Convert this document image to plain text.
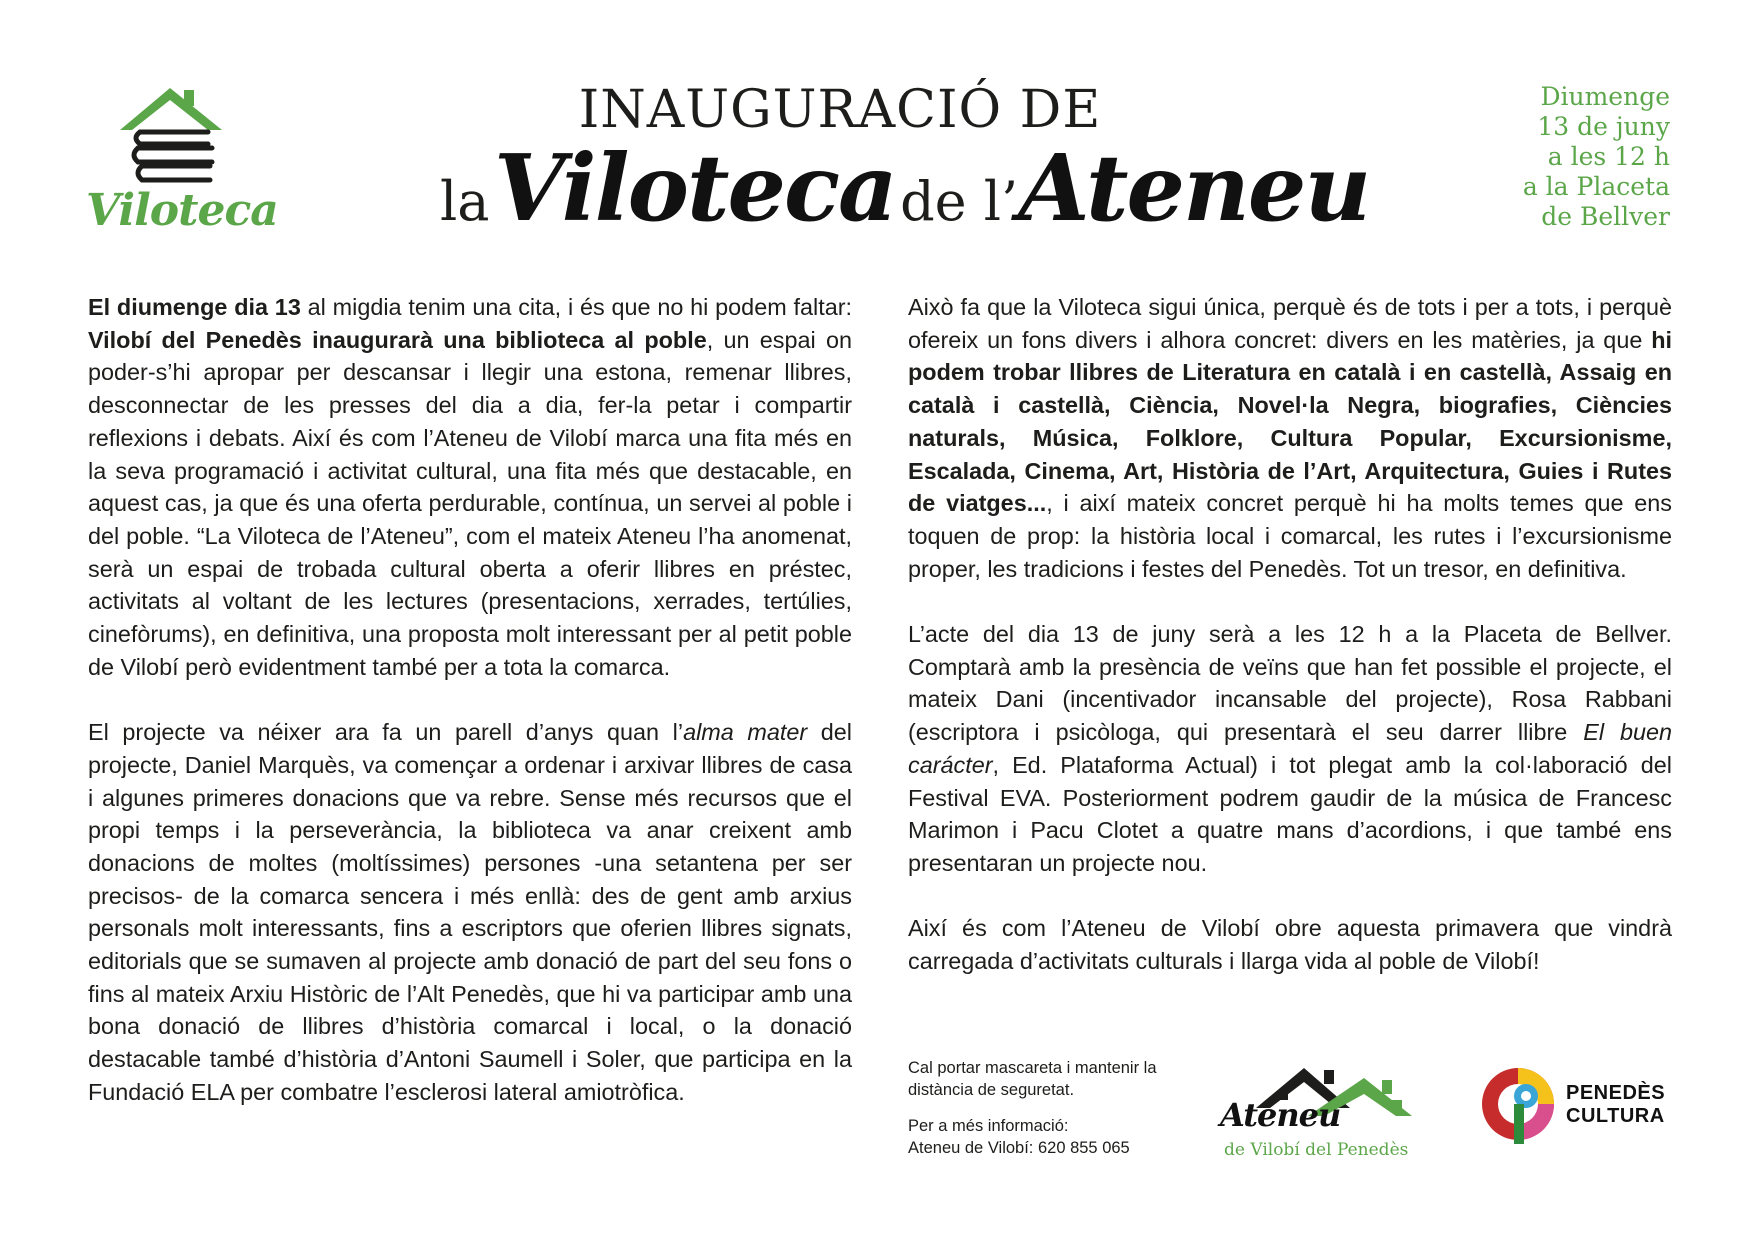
Viloteca
INAUGURACIÓ DE
la Viloteca de l’Ateneu
Diumenge
13 de juny
a les 12 h
a la Placeta
de Bellver

El diumenge dia 13 al migdia tenim una cita, i és que no hi podem faltar: Vilobí del Penedès inaugurarà una biblioteca al poble, un espai on poder-s’hi apropar per descansar i llegir una estona, remenar llibres, desconnectar de les presses del dia a dia, fer-la petar i compartir reflexions i debats. Així és com l’Ateneu de Vilobí marca una fita més en la seva programació i activitat cultural, una fita més que destacable, en aquest cas, ja que és una oferta perdurable, contínua, un servei al poble i del poble. “La Viloteca de l’Ateneu”, com el mateix Ateneu l’ha anomenat, serà un espai de trobada cultural oberta a oferir llibres en préstec, activitats al voltant de les lectures (presentacions, xerrades, tertúlies, cinefòrums), en definitiva, una proposta molt interessant per al petit poble de Vilobí però evidentment també per a tota la comarca.

El projecte va néixer ara fa un parell d’anys quan l’alma mater del projecte, Daniel Marquès, va començar a ordenar i arxivar llibres de casa i algunes primeres donacions que va rebre. Sense més recursos que el propi temps i la perseverància, la biblioteca va anar creixent amb donacions de moltes (moltíssimes) persones -una setantena per ser precisos- de la comarca sencera i més enllà: des de gent amb arxius personals molt interessants, fins a escriptors que oferien llibres signats, editorials que se sumaven al projecte amb donació de part del seu fons o fins al mateix Arxiu Històric de l’Alt Penedès, que hi va participar amb una bona donació de llibres d’història comarcal i local, o la donació destacable també d’història d’Antoni Saumell i Soler, que participa en la Fundació ELA per combatre l’esclerosi lateral amiotròfica.

Això fa que la Viloteca sigui única, perquè és de tots i per a tots, i perquè ofereix un fons divers i alhora concret: divers en les matèries, ja que hi podem trobar llibres de Literatura en català i en castellà, Assaig en català i castellà, Ciència, Novel·la Negra, biografies, Ciències naturals, Música, Folklore, Cultura Popular, Excursionisme, Escalada, Cinema, Art, Història de l’Art, Arquitectura, Guies i Rutes de viatges..., i així mateix concret perquè hi ha molts temes que ens toquen de prop: la història local i comarcal, les rutes i l’excursionisme proper, les tradicions i festes del Penedès. Tot un tresor, en definitiva.

L’acte del dia 13 de juny serà a les 12 h a la Placeta de Bellver. Comptarà amb la presència de veïns que han fet possible el projecte, el mateix Dani (incentivador incansable del projecte), Rosa Rabbani (escriptora i psicòloga, qui presentarà el seu darrer llibre El buen carácter, Ed. Plataforma Actual) i tot plegat amb la col·laboració del Festival EVA. Posteriorment podrem gaudir de la música de Francesc Marimon i Pacu Clotet a quatre mans d’acordions, i que també ens presentaran un projecte nou.

Així és com l’Ateneu de Vilobí obre aquesta primavera que vindrà carregada d’activitats culturals i llarga vida al poble de Vilobí!

Cal portar mascareta i mantenir la distància de seguretat.

Per a més informació:
Ateneu de Vilobí: 620 855 065

Ateneu
de Vilobí del Penedès
PENEDÈS
CULTURA
